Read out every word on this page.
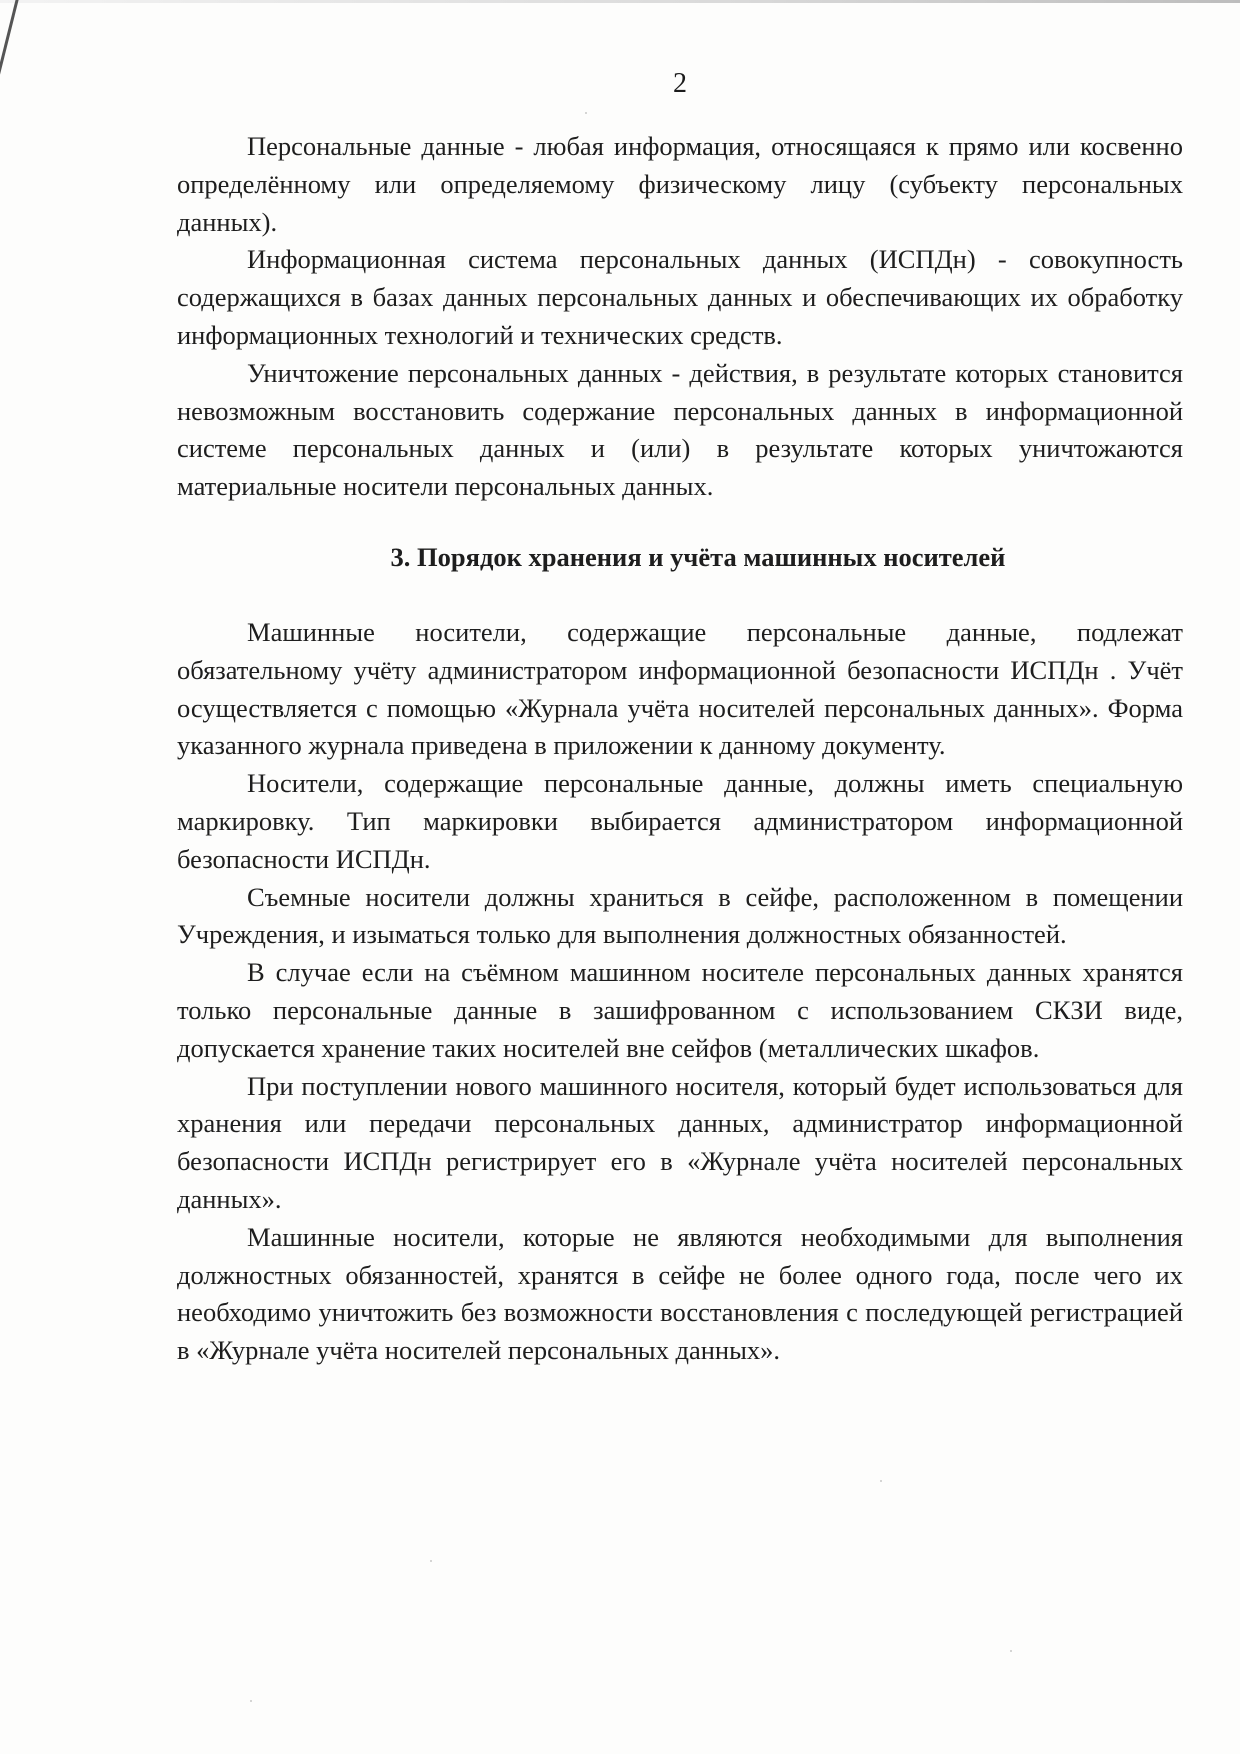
2

Персональные данные - любая информация, относящаяся к прямо или косвенно определённому или определяемому физическому лицу (субъекту персональных данных).

Информационная система персональных данных (ИСПДн) - совокупность содержащихся в базах данных персональных данных и обеспечивающих их обработку информационных технологий и технических средств.

Уничтожение персональных данных - действия, в результате которых становится невозможным восстановить содержание персональных данных в информационной системе персональных данных и (или) в результате которых уничтожаются материальные носители персональных данных.

3. Порядок хранения и учёта машинных носителей

Машинные носители, содержащие персональные данные, подлежат обязательному учёту администратором информационной безопасности ИСПДн . Учёт осуществляется с помощью «Журнала учёта носителей персональных данных». Форма указанного журнала приведена в приложении к данному документу.

Носители, содержащие персональные данные, должны иметь специальную маркировку. Тип маркировки выбирается администратором информационной безопасности ИСПДн.

Съемные носители должны храниться в сейфе, расположенном в помещении Учреждения, и изыматься только для выполнения должностных обязанностей.

В случае если на съёмном машинном носителе персональных данных хранятся только персональные данные в зашифрованном с использованием СКЗИ виде, допускается хранение таких носителей вне сейфов (металлических шкафов.

При поступлении нового машинного носителя, который будет использоваться для хранения или передачи персональных данных, администратор информационной безопасности ИСПДн регистрирует его в «Журнале учёта носителей персональных данных».

Машинные носители, которые не являются необходимыми для выполнения должностных обязанностей, хранятся в сейфе не более одного года, после чего их необходимо уничтожить без возможности восстановления с последующей регистрацией в «Журнале учёта носителей персональных данных».
